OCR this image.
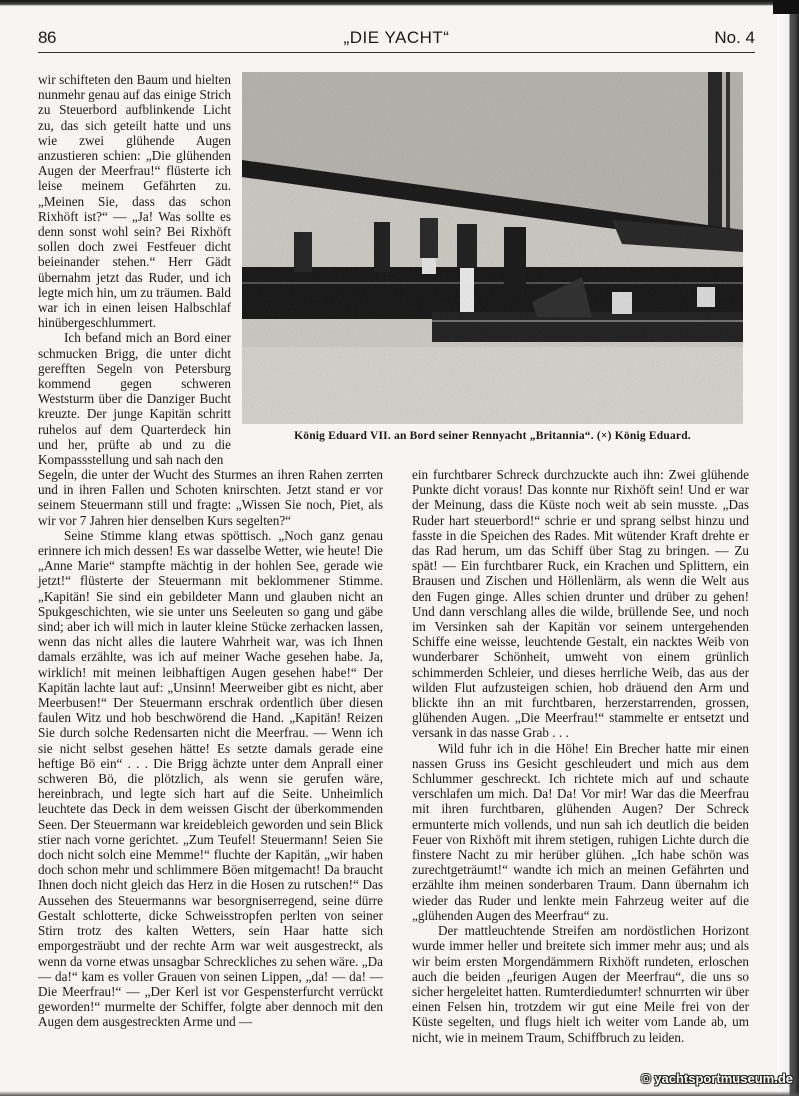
86	„DIE YACHT“	No. 4

wir schifteten den Baum und hielten nunmehr genau auf das einige Strich zu Steuerbord aufblinkende Licht zu, das sich geteilt hatte und uns wie zwei glühende Augen anzustieren schien: „Die glühenden Augen der Meerfrau!“ flüsterte ich leise meinem Gefährten zu. „Meinen Sie, dass das schon Rixhöft ist?“ — „Ja! Was sollte es denn sonst wohl sein? Bei Rixhöft sollen doch zwei Festfeuer dicht beieinander stehen.“ Herr Gädt übernahm jetzt das Ruder, und ich legte mich hin, um zu träumen. Bald war ich in einen leisen Halbschlaf hinübergeschlummert.

Ich befand mich an Bord einer schmucken Brigg, die unter dicht gerefften Segeln von Petersburg kommend gegen schweren Weststurm über die Danziger Bucht kreuzte. Der junge Kapitän schritt ruhelos auf dem Quarterdeck hin und her, prüfte ab und zu die Kompassstellung und sah nach den

König Eduard VII. an Bord seiner Rennyacht „Britannia“. (×) König Eduard.

Segeln, die unter der Wucht des Sturmes an ihren Rahen zerrten und in ihren Fallen und Schoten knirschten. Jetzt stand er vor seinem Steuermann still und fragte: „Wissen Sie noch, Piet, als wir vor 7 Jahren hier denselben Kurs segelten?“

Seine Stimme klang etwas spöttisch. „Noch ganz genau erinnere ich mich dessen! Es war dasselbe Wetter, wie heute! Die „Anne Marie“ stampfte mächtig in der hohlen See, gerade wie jetzt!“ flüsterte der Steuermann mit beklommener Stimme. „Kapitän! Sie sind ein gebildeter Mann und glauben nicht an Spukgeschichten, wie sie unter uns Seeleuten so gang und gäbe sind; aber ich will mich in lauter kleine Stücke zerhacken lassen, wenn das nicht alles die lautere Wahrheit war, was ich Ihnen damals erzählte, was ich auf meiner Wache gesehen habe. Ja, wirklich! mit meinen leibhaftigen Augen gesehen habe!“ Der Kapitän lachte laut auf: „Unsinn! Meerweiber gibt es nicht, aber Meerbusen!“ Der Steuermann erschrak ordentlich über diesen faulen Witz und hob beschwörend die Hand. „Kapitän! Reizen Sie durch solche Redensarten nicht die Meerfrau. — Wenn ich sie nicht selbst gesehen hätte! Es setzte damals gerade eine heftige Bö ein“ . . . Die Brigg ächzte unter dem Anprall einer schweren Bö, die plötzlich, als wenn sie gerufen wäre, hereinbrach, und legte sich hart auf die Seite. Unheimlich leuchtete das Deck in dem weissen Gischt der überkommenden Seen. Der Steuermann war kreidebleich geworden und sein Blick stier nach vorne gerichtet. „Zum Teufel! Steuermann! Seien Sie doch nicht solch eine Memme!“ fluchte der Kapitän, „wir haben doch schon mehr und schlimmere Böen mitgemacht! Da braucht Ihnen doch nicht gleich das Herz in die Hosen zu rutschen!“ Das Aussehen des Steuermanns war besorgniserregend, seine dürre Gestalt schlotterte, dicke Schweisstropfen perlten von seiner Stirn trotz des kalten Wetters, sein Haar hatte sich emporgesträubt und der rechte Arm war weit ausgestreckt, als wenn da vorne etwas unsagbar Schreckliches zu sehen wäre. „Da — da!“ kam es voller Grauen von seinen Lippen, „da! — da! — Die Meerfrau!“ — „Der Kerl ist vor Gespensterfurcht verrückt geworden!“ murmelte der Schiffer, folgte aber dennoch mit den Augen dem ausgestreckten Arme und —

ein furchtbarer Schreck durchzuckte auch ihn: Zwei glühende Punkte dicht voraus! Das konnte nur Rixhöft sein! Und er war der Meinung, dass die Küste noch weit ab sein musste. „Das Ruder hart steuerbord!“ schrie er und sprang selbst hinzu und fasste in die Speichen des Rades. Mit wütender Kraft drehte er das Rad herum, um das Schiff über Stag zu bringen. — Zu spät! — Ein furchtbarer Ruck, ein Krachen und Splittern, ein Brausen und Zischen und Höllenlärm, als wenn die Welt aus den Fugen ginge. Alles schien drunter und drüber zu gehen! Und dann verschlang alles die wilde, brüllende See, und noch im Versinken sah der Kapitän vor seinem untergehenden Schiffe eine weisse, leuchtende Gestalt, ein nacktes Weib von wunderbarer Schönheit, umweht von einem grünlich schimmerden Schleier, und dieses herrliche Weib, das aus der wilden Flut aufzusteigen schien, hob dräuend den Arm und blickte ihn an mit furchtbaren, herzerstarrenden, grossen, glühenden Augen. „Die Meerfrau!“ stammelte er entsetzt und versank in das nasse Grab . . .

Wild fuhr ich in die Höhe! Ein Brecher hatte mir einen nassen Gruss ins Gesicht geschleudert und mich aus dem Schlummer geschreckt. Ich richtete mich auf und schaute verschlafen um mich. Da! Da! Vor mir! War das die Meerfrau mit ihren furchtbaren, glühenden Augen? Der Schreck ermunterte mich vollends, und nun sah ich deutlich die beiden Feuer von Rixhöft mit ihrem stetigen, ruhigen Lichte durch die finstere Nacht zu mir herüber glühen. „Ich habe schön was zurechtgeträumt!“ wandte ich mich an meinen Gefährten und erzählte ihm meinen sonderbaren Traum. Dann übernahm ich wieder das Ruder und lenkte mein Fahrzeug weiter auf die „glühenden Augen des Meerfrau“ zu.

Der mattleuchtende Streifen am nordöstlichen Horizont wurde immer heller und breitete sich immer mehr aus; und als wir beim ersten Morgendämmern Rixhöft rundeten, erloschen auch die beiden „feurigen Augen der Meerfrau“, die uns so sicher hergeleitet hatten. Rumterdiedumter! schnurrten wir über einen Felsen hin, trotzdem wir gut eine Meile frei von der Küste segelten, und flugs hielt ich weiter vom Lande ab, um nicht, wie in meinem Traum, Schiffbruch zu leiden.

© yachtsportmuseum.de
